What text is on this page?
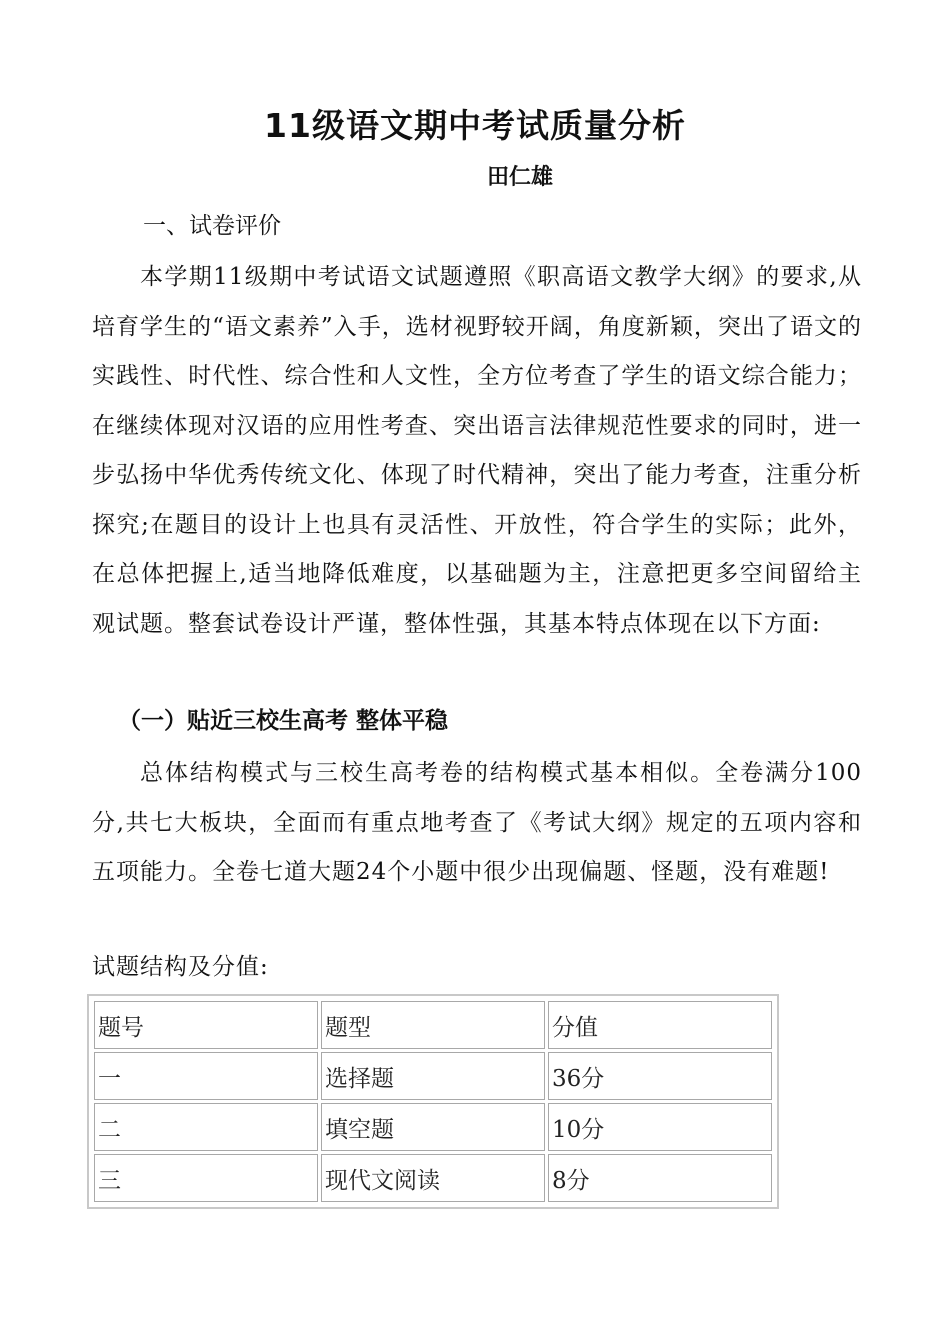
11级语文期中考试质量分析
田仁雄
一、试卷评价
本学期11级期中考试语文试题遵照《职高语文教学大纲》的要求,从培育学生的“语文素养”入手，选材视野较开阔，角度新颖，突出了语文的实践性、时代性、综合性和人文性，全方位考查了学生的语文综合能力；在继续体现对汉语的应用性考查、突出语言法律规范性要求的同时，进一步弘扬中华优秀传统文化、体现了时代精神，突出了能力考查，注重分析探究;在题目的设计上也具有灵活性、开放性，符合学生的实际；此外，在总体把握上,适当地降低难度，以基础题为主，注意把更多空间留给主观试题。整套试卷设计严谨，整体性强，其基本特点体现在以下方面:
（一）贴近三校生高考 整体平稳
总体结构模式与三校生高考卷的结构模式基本相似。全卷满分100分,共七大板块，全面而有重点地考查了《考试大纲》规定的五项内容和五项能力。全卷七道大题24个小题中很少出现偏题、怪题，没有难题!
试题结构及分值:
题号	题型	分值
一	选择题	36分
二	填空题	10分
三	现代文阅读	8分
